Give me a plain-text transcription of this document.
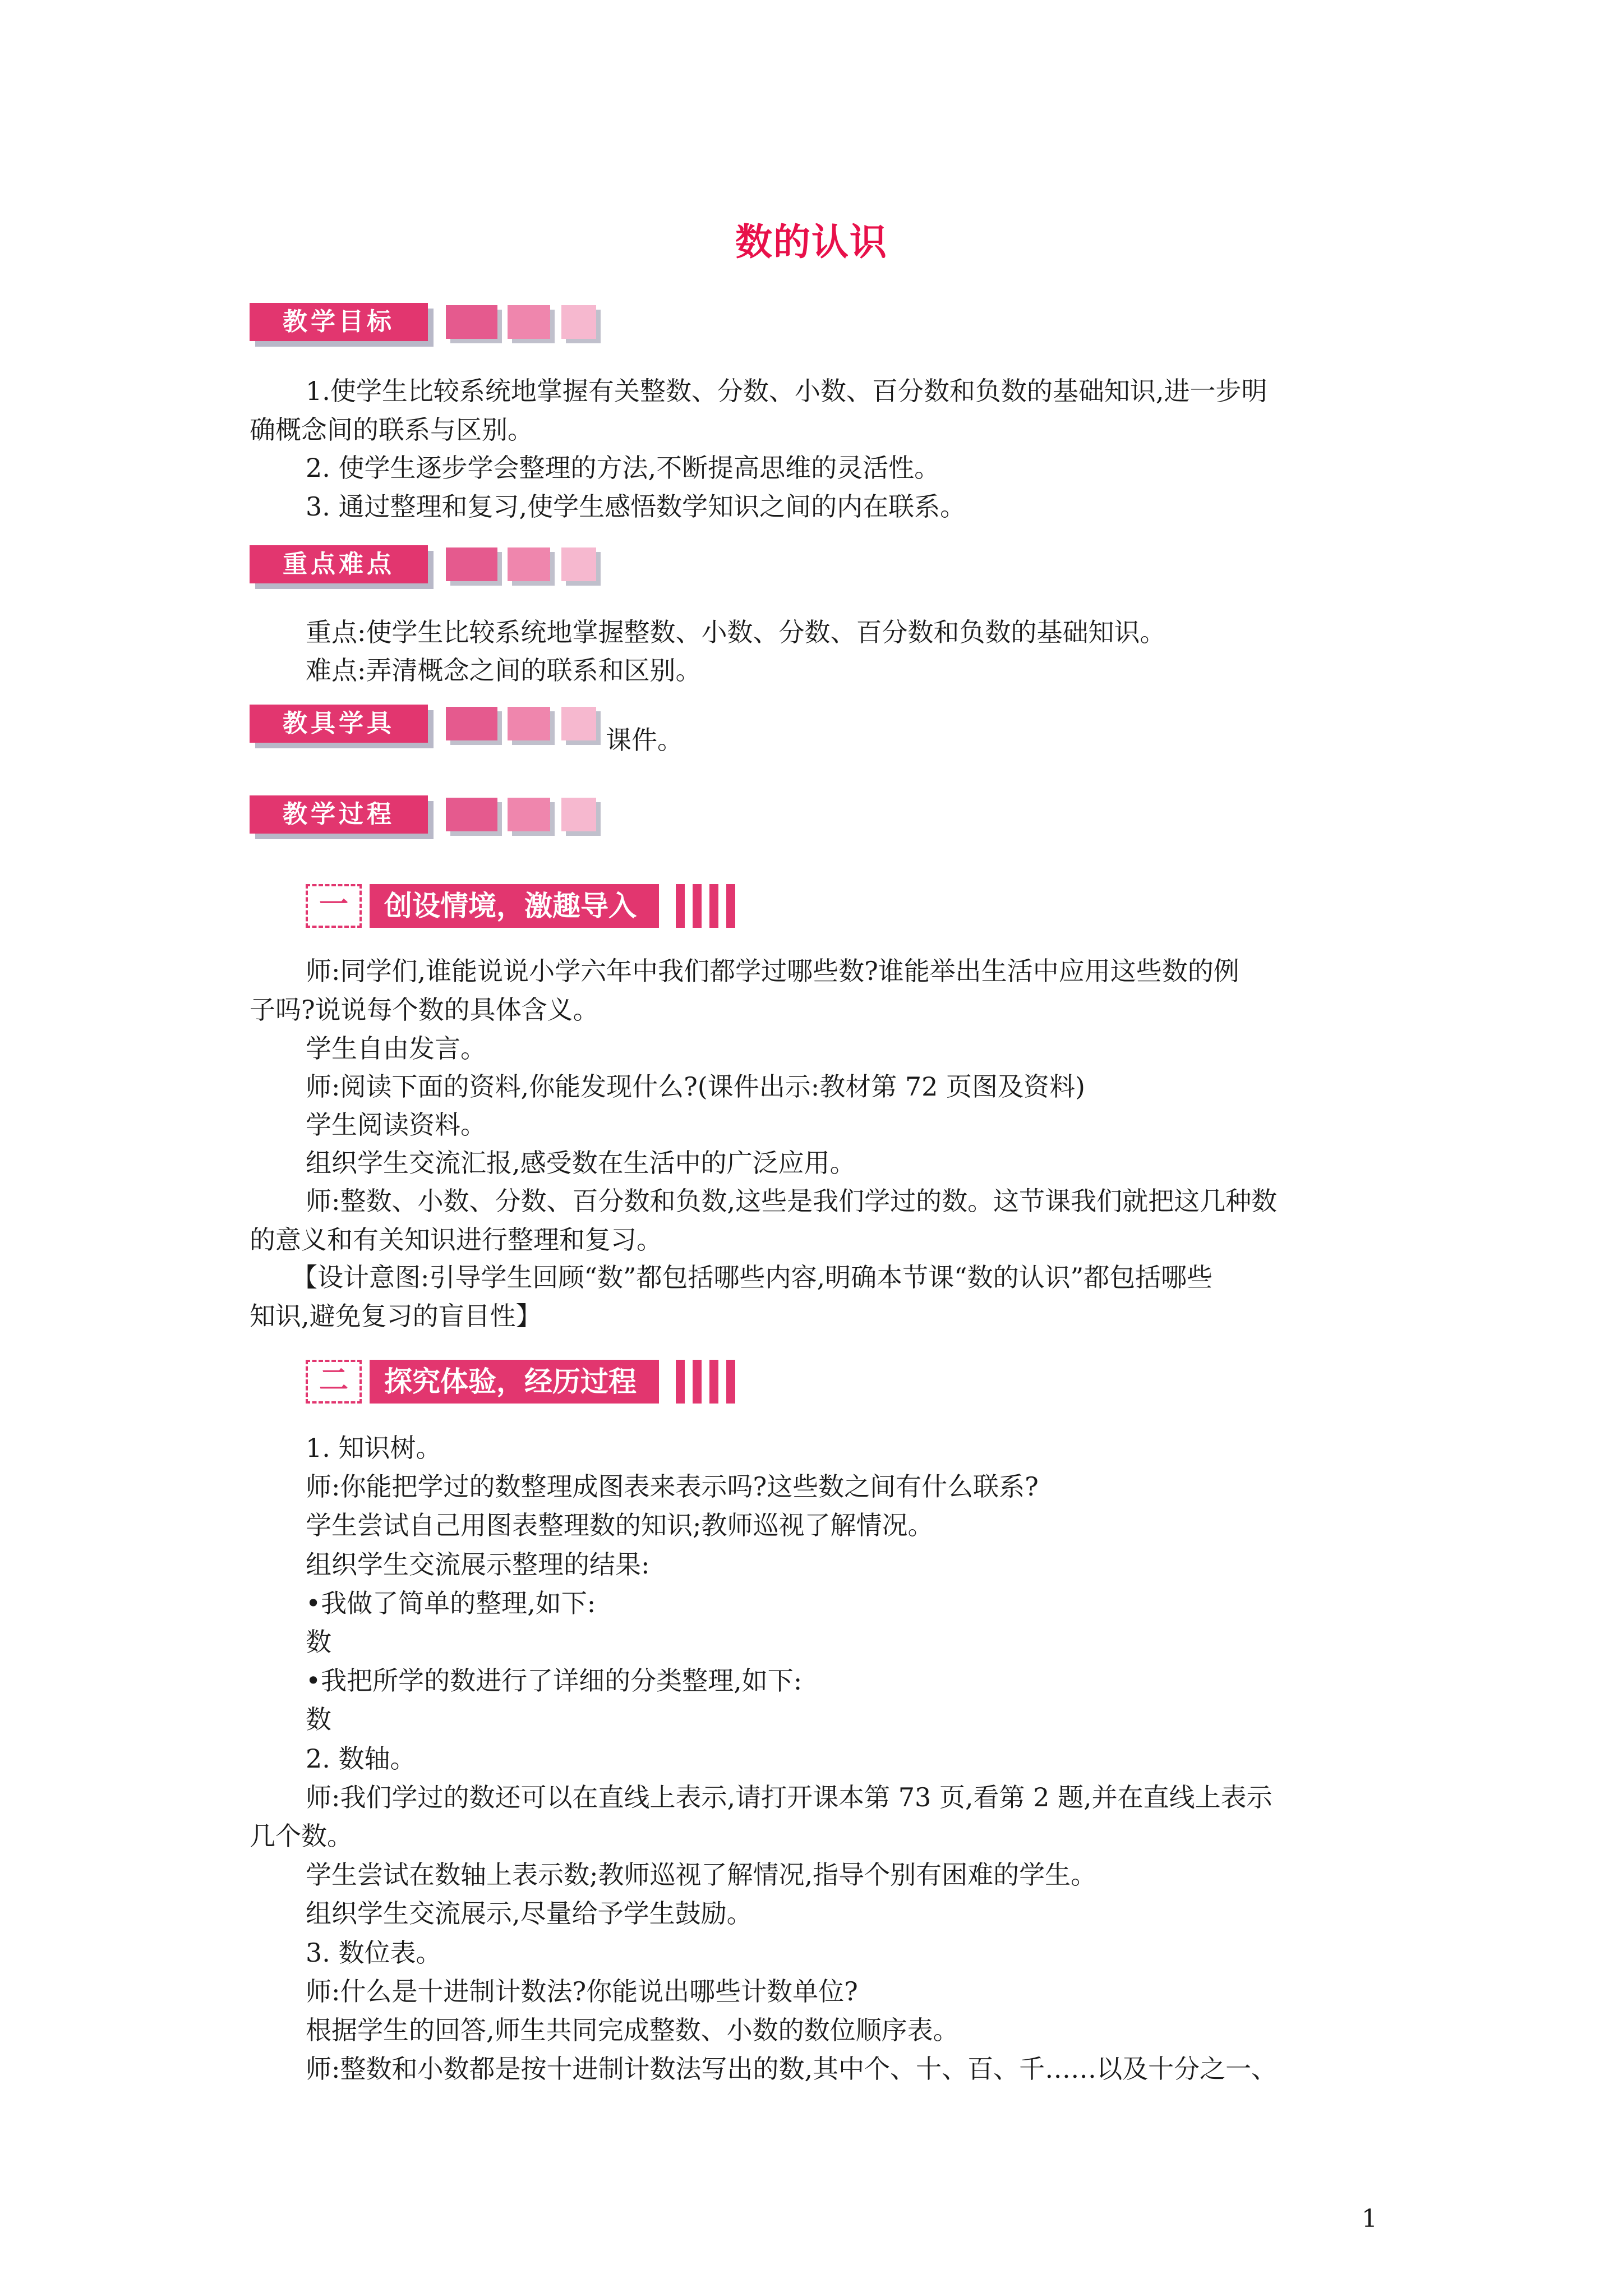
数的认识
教学目标
1.使学生比较系统地掌握有关整数、分数、小数、百分数和负数的基础知识,进一步明
确概念间的联系与区别。
2. 使学生逐步学会整理的方法,不断提高思维的灵活性。
3. 通过整理和复习,使学生感悟数学知识之间的内在联系。
重点难点
重点:使学生比较系统地掌握整数、小数、分数、百分数和负数的基础知识。
难点:弄清概念之间的联系和区别。
教具学具
课件。
教学过程
一	创设情境，激趣导入
师:同学们,谁能说说小学六年中我们都学过哪些数?谁能举出生活中应用这些数的例
子吗?说说每个数的具体含义。
学生自由发言。
师:阅读下面的资料,你能发现什么?(课件出示:教材第 72 页图及资料)
学生阅读资料。
组织学生交流汇报,感受数在生活中的广泛应用。
师:整数、小数、分数、百分数和负数,这些是我们学过的数。这节课我们就把这几种数
的意义和有关知识进行整理和复习。
【设计意图:引导学生回顾“数”都包括哪些内容,明确本节课“数的认识”都包括哪些
知识,避免复习的盲目性】
二	探究体验，经历过程
1. 知识树。
师:你能把学过的数整理成图表来表示吗?这些数之间有什么联系?
学生尝试自己用图表整理数的知识;教师巡视了解情况。
组织学生交流展示整理的结果:
•我做了简单的整理,如下:
数
•我把所学的数进行了详细的分类整理,如下:
数
2. 数轴。
师:我们学过的数还可以在直线上表示,请打开课本第 73 页,看第 2 题,并在直线上表示
几个数。
学生尝试在数轴上表示数;教师巡视了解情况,指导个别有困难的学生。
组织学生交流展示,尽量给予学生鼓励。
3. 数位表。
师:什么是十进制计数法?你能说出哪些计数单位?
根据学生的回答,师生共同完成整数、小数的数位顺序表。
师:整数和小数都是按十进制计数法写出的数,其中个、十、百、千……以及十分之一、
1
